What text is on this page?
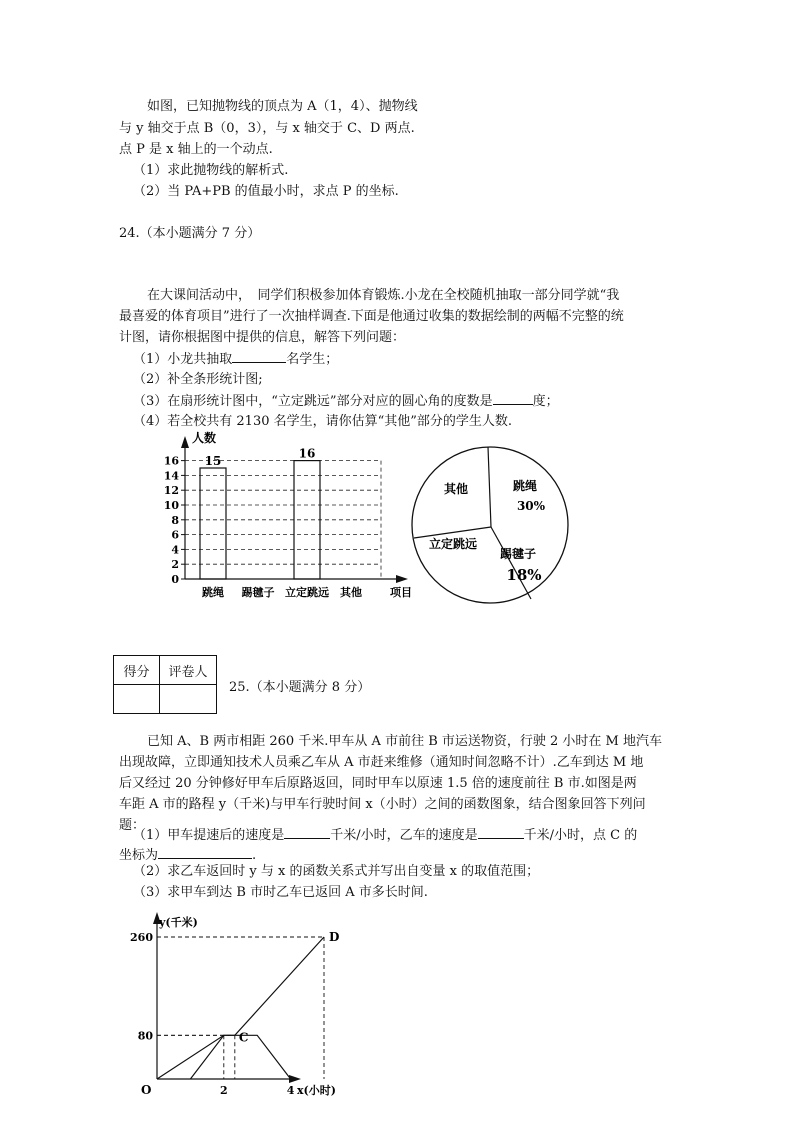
如图，已知抛物线的顶点为 A（1，4）、抛物线
与 y 轴交于点 B（0，3），与 x 轴交于 C、D 两点.
点 P 是 x 轴上的一个动点.
（1）求此抛物线的解析式.
（2）当 PA+PB 的值最小时，求点 P 的坐标.
24.（本小题满分 7 分）
在大课间活动中，　同学们积极参加体育锻炼.小龙在全校随机抽取一部分同学就“我
最喜爱的体育项目”进行了一次抽样调查.下面是他通过收集的数据绘制的两幅不完整的统
计图，请你根据图中提供的信息，解答下列问题：
（1）小龙共抽取	名学生；
（2）补全条形统计图;
（3）在扇形统计图中，“立定跳远”部分对应的圆心角的度数是	度；
（4）若全校共有 2130 名学生，请你估算“其他”部分的学生人数.
0
2
4
6
8
10
12
14
16
人数
项目
15
跳绳 踢毽子
16
立定跳远 其他
跳绳
30%
其他
立定跳远
踢毽子
18%
得分	评卷人

25.（本小题满分 8 分）
已知 A、B 两市相距 260 千米.甲车从 A 市前往 B 市运送物资，行驶 2 小时在 M 地汽车
出现故障，立即通知技术人员乘乙车从 A 市赶来维修（通知时间忽略不计）.乙车到达 M 地
后又经过 20 分钟修好甲车后原路返回，同时甲车以原速 1.5 倍的速度前往 B 市.如图是两
车距 A 市的路程 y（千米)与甲车行驶时间 x（小时）之间的函数图象，结合图象回答下列问
题：
（1）甲车提速后的速度是	千米/小时，乙车的速度是	千米/小时，点 C 的
坐标为	.
（2）求乙车返回时 y 与 x 的函数关系式并写出自变量 x 的取值范围；
（3）求甲车到达 B 市时乙车已返回 A 市多长时间.
y(千米)
x(小时)
O
80
260
2	4
C
D
